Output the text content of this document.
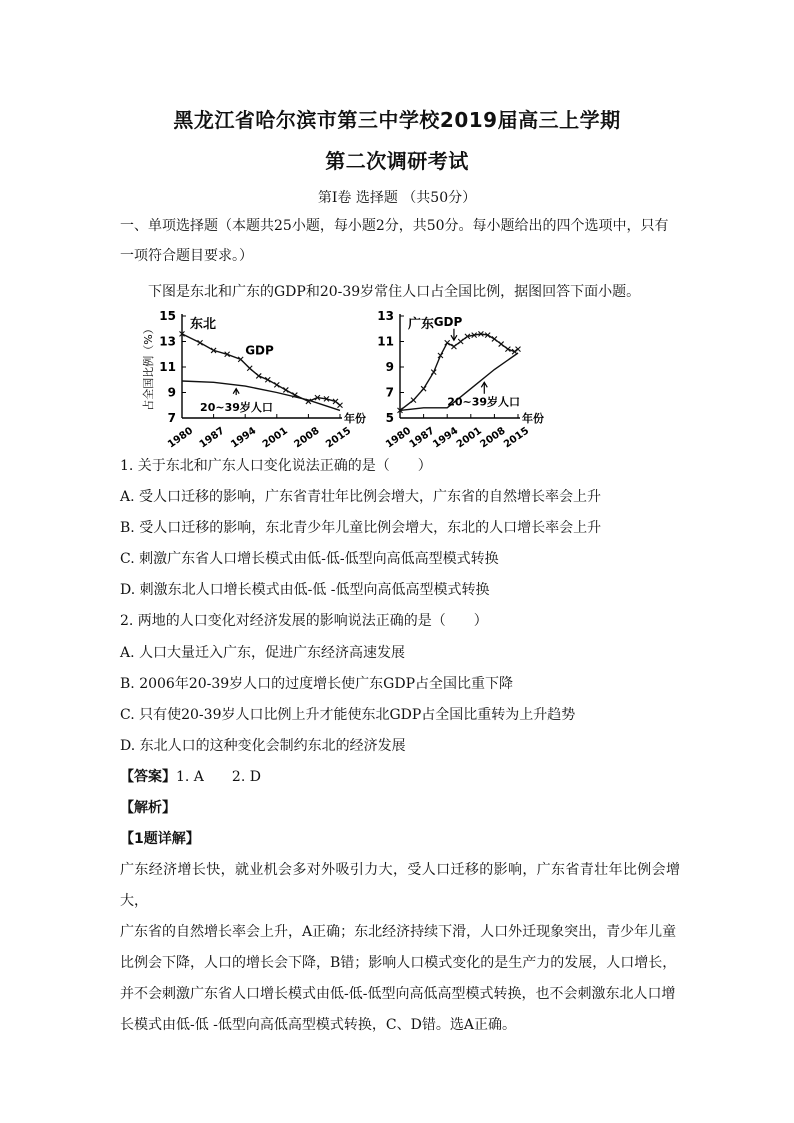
黑龙江省哈尔滨市第三中学校2019届高三上学期
第二次调研考试
第Ⅰ卷 选择题 （共50分）
一、单项选择题（本题共25小题，每小题2分，共50分。每小题给出的四个选项中，只有
一项符合题目要求。）
下图是东北和广东的GDP和20-39岁常住人口占全国比例，据图回答下面小题。
7
9
11
13
15
1980 1987 1994 2001 2008 2015
年份
占全国比例（%）	东北
GDP
20~39岁人口
5
7
9
11
13
1980
1987
1994
2001
2008
2015
年份
广东 GDP
20~39岁人口
1. 关于东北和广东人口变化说法正确的是（　　）
A. 受人口迁移的影响，广东省青壮年比例会增大，广东省的自然增长率会上升
B. 受人口迁移的影响，东北青少年儿童比例会增大，东北的人口增长率会上升
C. 刺激广东省人口增长模式由低-低-低型向高低高型模式转换
D. 刺激东北人口增长模式由低-低 -低型向高低高型模式转换
2. 两地的人口变化对经济发展的影响说法正确的是（　　）
A. 人口大量迁入广东，促进广东经济高速发展
B. 2006年20-39岁人口的过度增长使广东GDP占全国比重下降
C. 只有使20-39岁人口比例上升才能使东北GDP占全国比重转为上升趋势
D. 东北人口的这种变化会制约东北的经济发展
【答案】1. A　　2. D
【解析】
【1题详解】
广东经济增长快，就业机会多对外吸引力大，受人口迁移的影响，广东省青壮年比例会增大，
广东省的自然增长率会上升，A正确；东北经济持续下滑，人口外迁现象突出，青少年儿童
比例会下降，人口的增长会下降，B错；影响人口模式变化的是生产力的发展，人口增长，
并不会刺激广东省人口增长模式由低-低-低型向高低高型模式转换，也不会刺激东北人口增
长模式由低-低 -低型向高低高型模式转换，C、D错。选A正确。
